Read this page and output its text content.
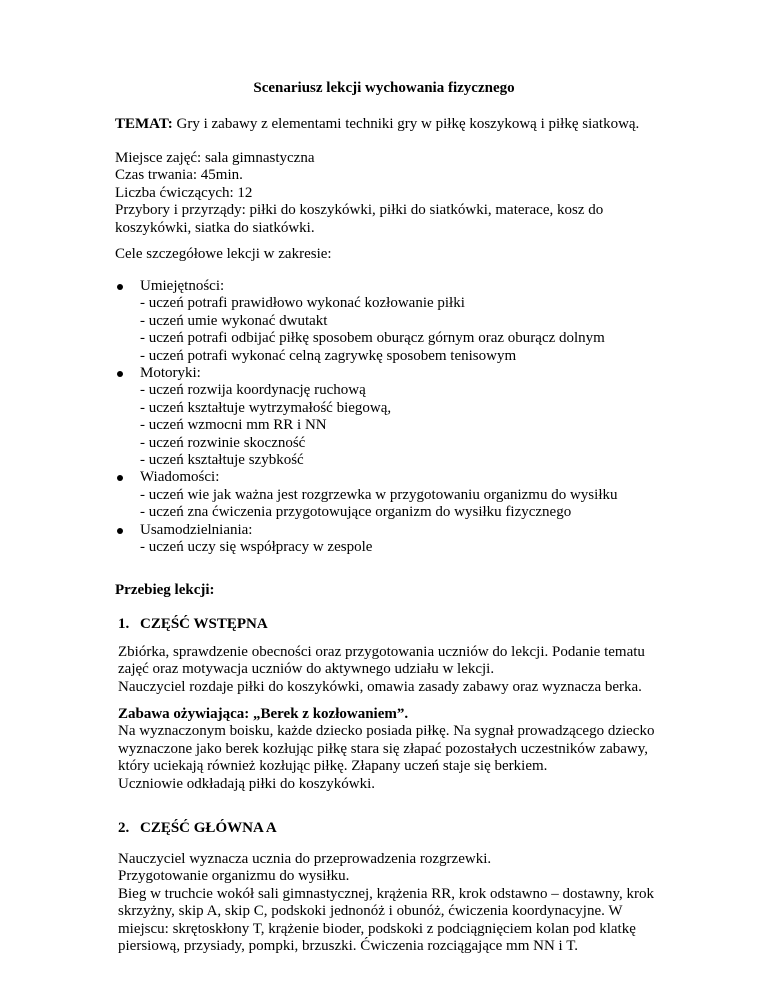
Scenariusz lekcji wychowania fizycznego
TEMAT: Gry i zabawy z elementami techniki gry w piłkę koszykową i piłkę siatkową.
Miejsce zajęć: sala gimnastyczna
Czas trwania: 45min.
Liczba ćwiczących: 12
Przybory i przyrządy: piłki do koszykówki, piłki do siatkówki, materace, kosz do
koszykówki, siatka do siatkówki.
Cele szczegółowe lekcji w zakresie:
Umiejętności:
- uczeń potrafi prawidłowo wykonać kozłowanie piłki
- uczeń umie wykonać dwutakt
- uczeń potrafi odbijać piłkę sposobem oburącz górnym oraz oburącz dolnym
- uczeń potrafi wykonać celną zagrywkę sposobem tenisowym
Motoryki:
- uczeń rozwija koordynację ruchową
- uczeń kształtuje wytrzymałość biegową,
- uczeń wzmocni mm RR i NN
- uczeń rozwinie skoczność
- uczeń kształtuje szybkość
Wiadomości:
- uczeń wie jak ważna jest rozgrzewka w przygotowaniu organizmu do wysiłku
- uczeń zna ćwiczenia przygotowujące organizm do wysiłku fizycznego
Usamodzielniania:
- uczeń uczy się współpracy w zespole
Przebieg lekcji:
1. CZĘŚĆ WSTĘPNA
Zbiórka, sprawdzenie obecności oraz przygotowania uczniów do lekcji. Podanie tematu
zajęć oraz motywacja uczniów do aktywnego udziału w lekcji.
Nauczyciel rozdaje piłki do koszykówki, omawia zasady zabawy oraz wyznacza berka.
Zabawa ożywiająca: „Berek z kozłowaniem”.
Na wyznaczonym boisku, każde dziecko posiada piłkę. Na sygnał prowadzącego dziecko
wyznaczone jako berek kozłując piłkę stara się złapać pozostałych uczestników zabawy,
który uciekają również kozłując piłkę. Złapany uczeń staje się berkiem.
Uczniowie odkładają piłki do koszykówki.
2. CZĘŚĆ GŁÓWNA A
Nauczyciel wyznacza ucznia do przeprowadzenia rozgrzewki.
Przygotowanie organizmu do wysiłku.
Bieg w truchcie wokół sali gimnastycznej, krążenia RR, krok odstawno – dostawny, krok
skrzyżny, skip A, skip C, podskoki jednonóż i obunóż, ćwiczenia koordynacyjne. W
miejscu: skrętoskłony T, krążenie bioder, podskoki z podciągnięciem kolan pod klatkę
piersiową, przysiady, pompki, brzuszki. Ćwiczenia rozciągające mm NN i T.
